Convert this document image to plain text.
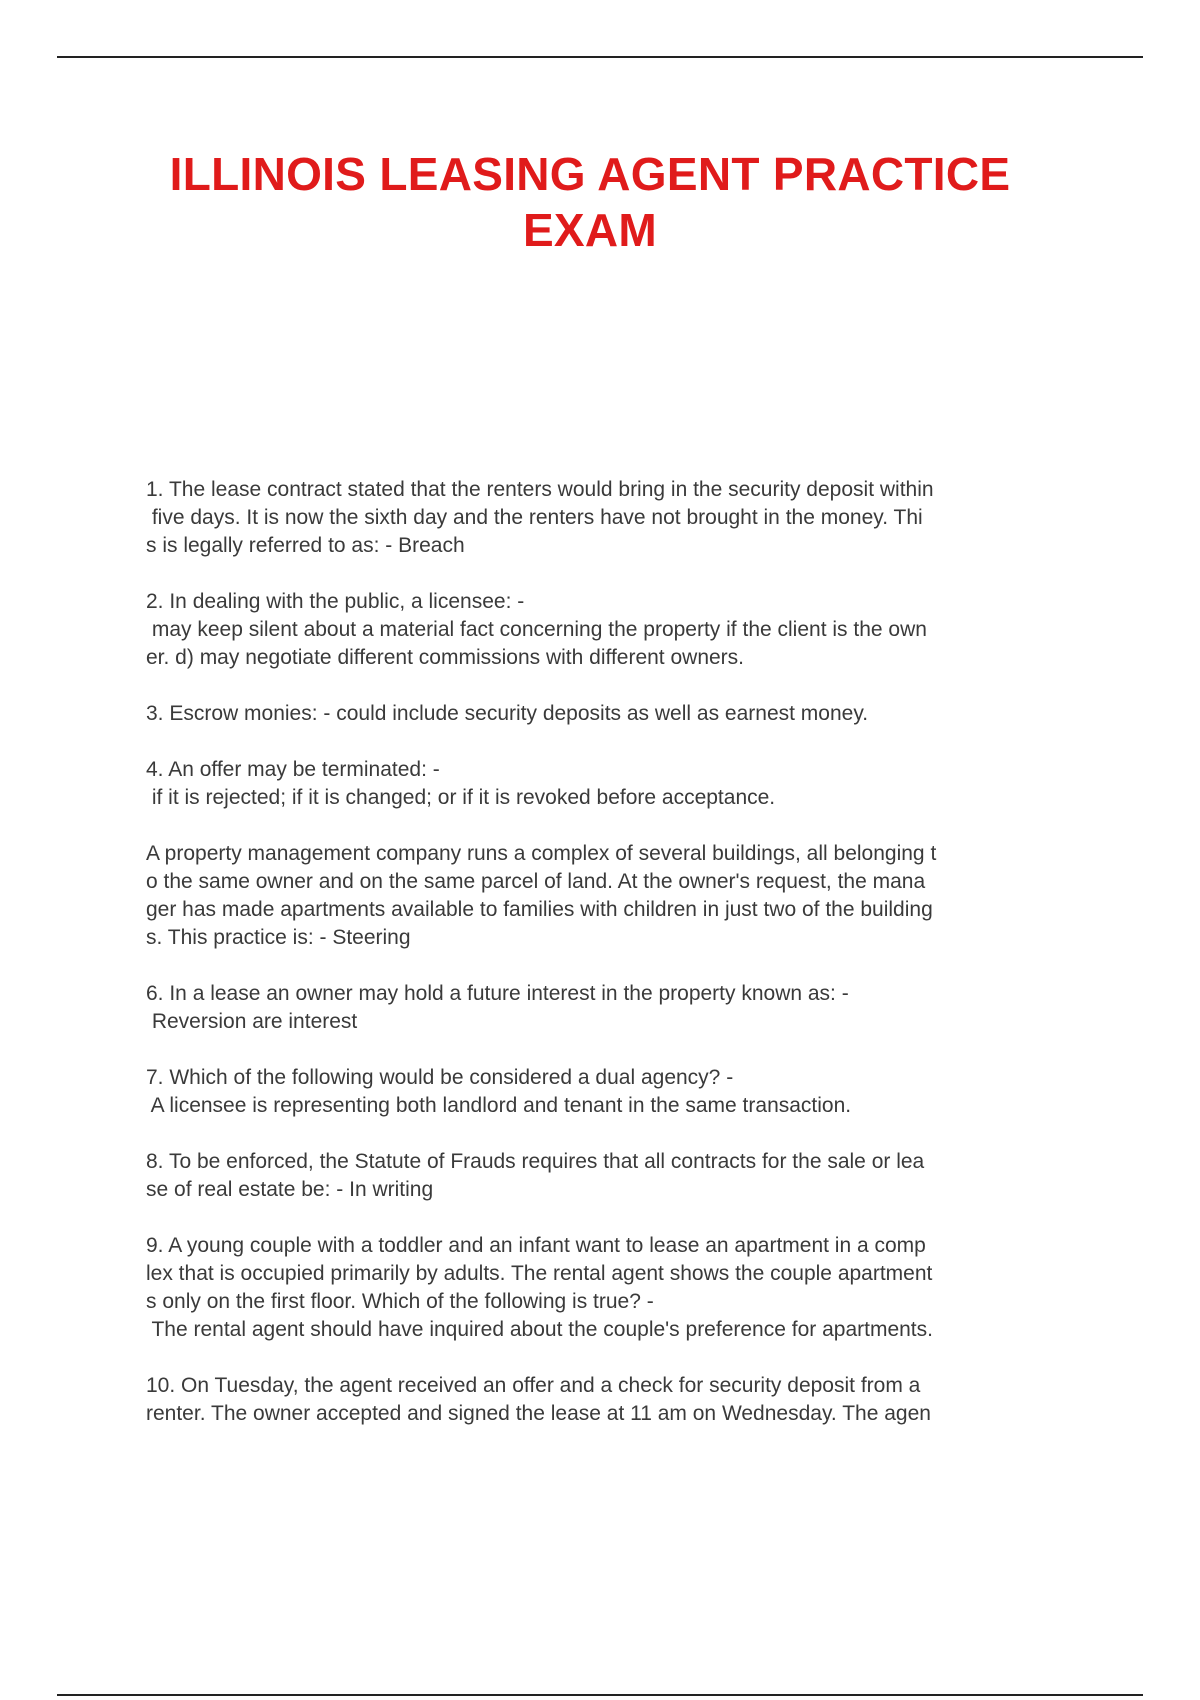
ILLINOIS LEASING AGENT PRACTICE
EXAM
1. The lease contract stated that the renters would bring in the security deposit within
five days. It is now the sixth day and the renters have not brought in the money. Thi
s is legally referred to as: - Breach
2. In dealing with the public, a licensee: -
may keep silent about a material fact concerning the property if the client is the own
er. d) may negotiate different commissions with different owners.
3. Escrow monies: - could include security deposits as well as earnest money.
4. An offer may be terminated: -
if it is rejected; if it is changed; or if it is revoked before acceptance.
A property management company runs a complex of several buildings, all belonging t
o the same owner and on the same parcel of land. At the owner's request, the mana
ger has made apartments available to families with children in just two of the building
s. This practice is: - Steering
6. In a lease an owner may hold a future interest in the property known as: -
Reversion are interest
7. Which of the following would be considered a dual agency? -
A licensee is representing both landlord and tenant in the same transaction.
8. To be enforced, the Statute of Frauds requires that all contracts for the sale or lea
se of real estate be: - In writing
9. A young couple with a toddler and an infant want to lease an apartment in a comp
lex that is occupied primarily by adults. The rental agent shows the couple apartment
s only on the first floor. Which of the following is true? -
The rental agent should have inquired about the couple's preference for apartments.
10. On Tuesday, the agent received an offer and a check for security deposit from a
renter. The owner accepted and signed the lease at 11 am on Wednesday. The agen
